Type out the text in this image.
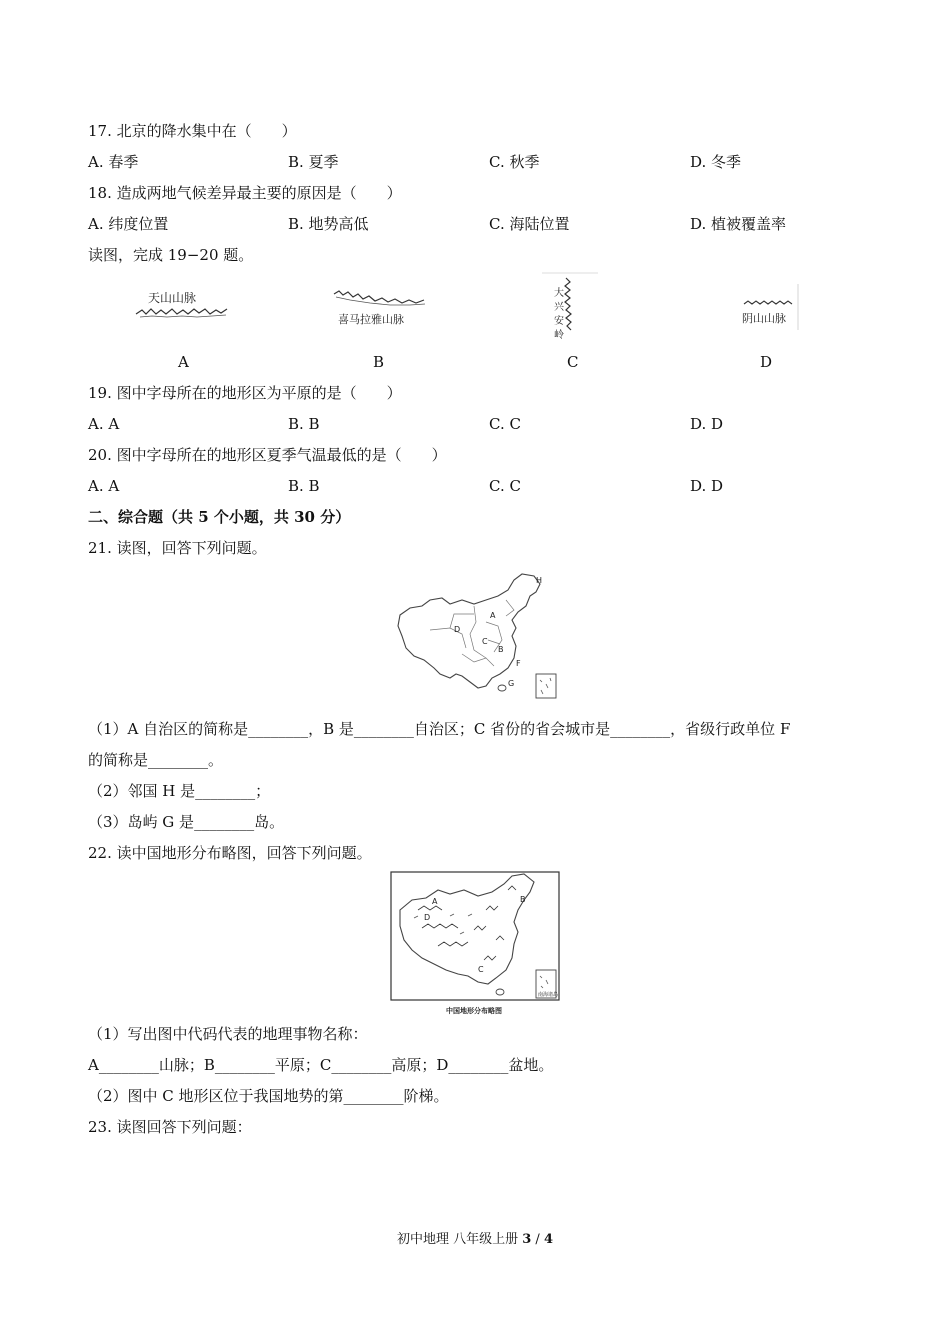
17. 北京的降水集中在（　　）
A. 春季	B. 夏季	C. 秋季	D. 冬季
18. 造成两地气候差异最主要的原因是（　　）
A. 纬度位置	B. 地势高低	C. 海陆位置	D. 植被覆盖率
读图，完成 19−20 题。
天山山脉
A
喜马拉雅山脉
B
大
兴
安
岭
C
阴山山脉
D
19. 图中字母所在的地形区为平原的是（　　）
A. A	B. B	C. C	D. D
20. 图中字母所在的地形区夏季气温最低的是（　　）
A. A	B. B	C. C	D. D
二、综合题（共 5 个小题，共 30 分）
21. 读图，回答下列问题。
H
A
D
C
B
F
G
（1）A 自治区的简称是________，B 是________自治区；C 省份的省会城市是________，省级行政单位 F
的简称是________。
（2）邻国 H 是________；
（3）岛屿 G 是________岛。
22. 读中国地形分布略图，回答下列问题。
南海诸岛
A
D
B
C
中国地形分布略图
（1）写出图中代码代表的地理事物名称：
A________山脉；B________平原；C________高原；D________盆地。
（2）图中 C 地形区位于我国地势的第________阶梯。
23. 读图回答下列问题：
初中地理 八年级上册 3 / 4
